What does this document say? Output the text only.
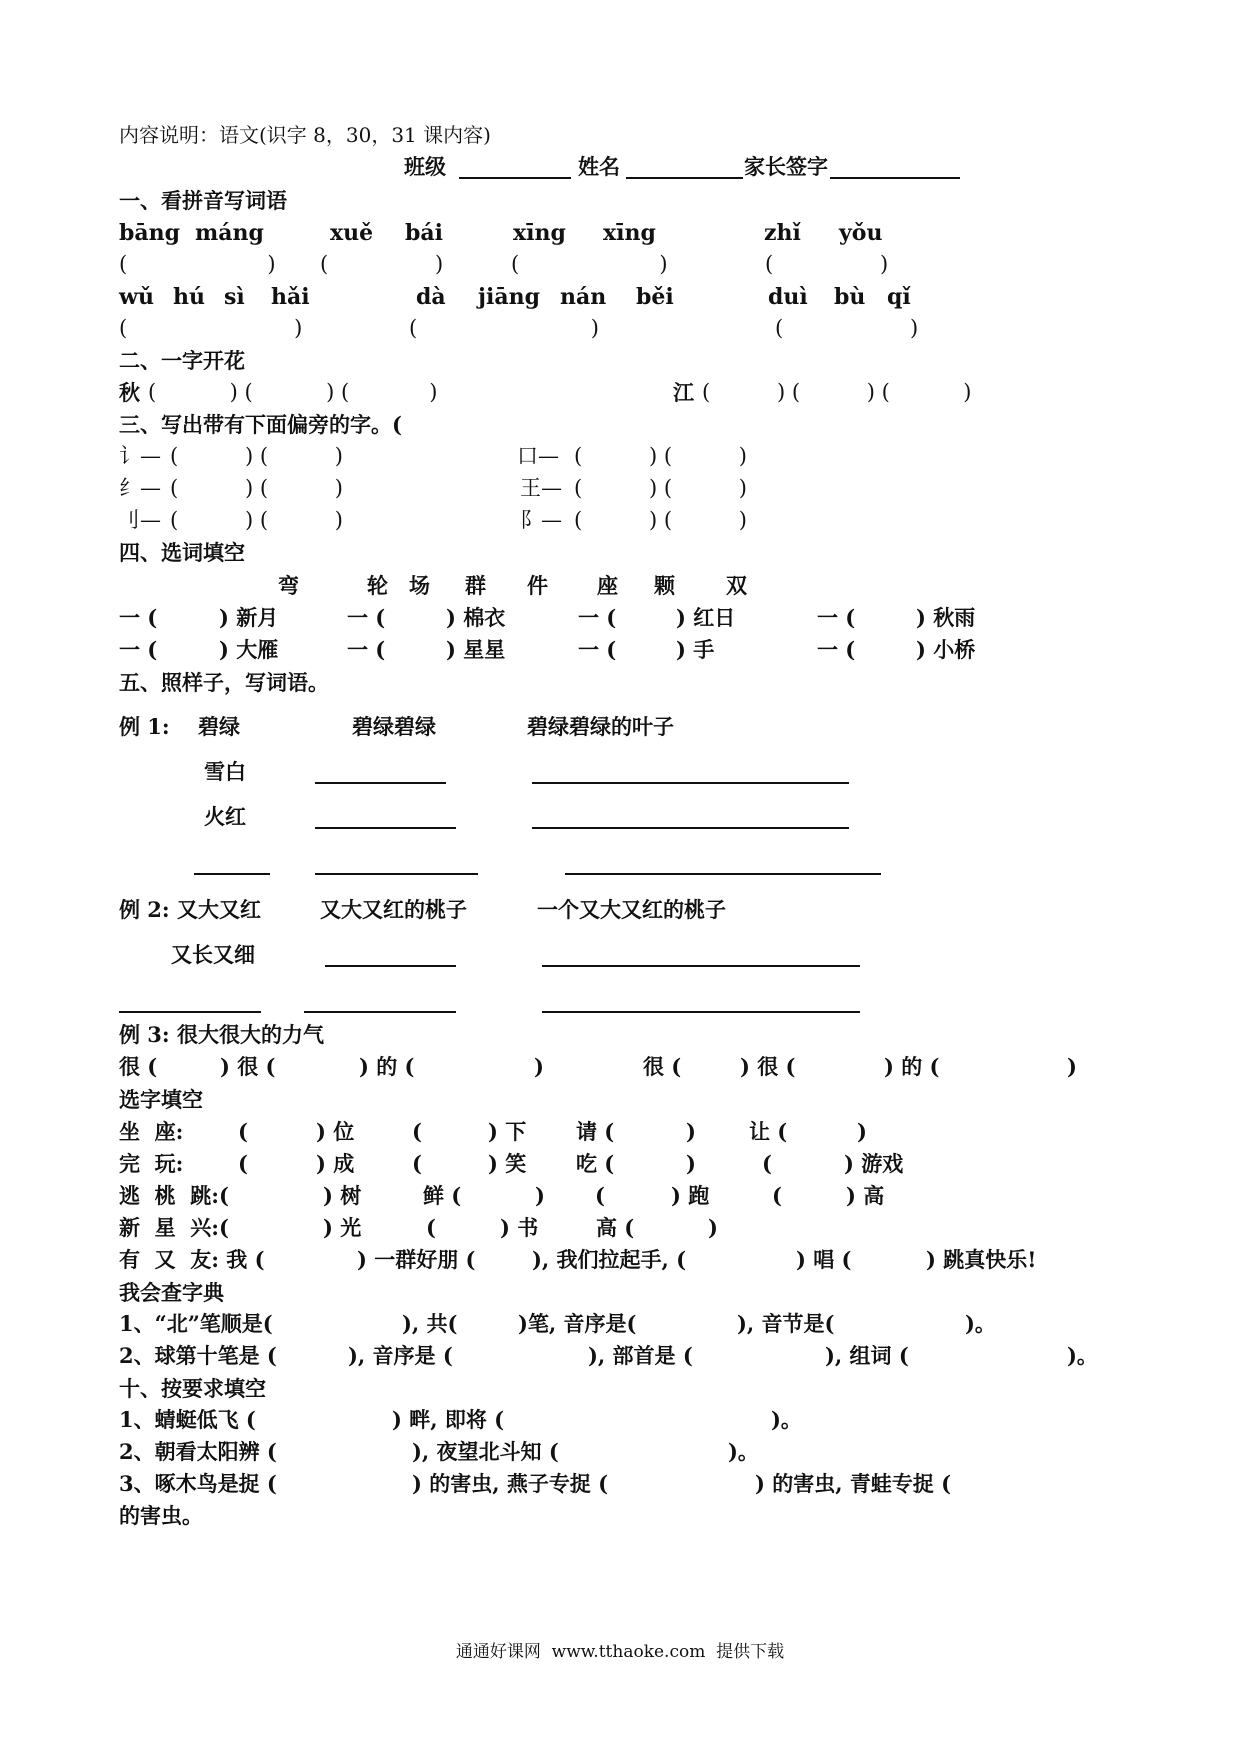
内容说明：语文(识字 8，30，31 课内容)
班级	姓名	家长签字
一、看拼音写词语
bāng máng	xuě bái	xīng xīng	zhǐ yǒu
(                     ) (                )	(                     )	(                )
wǔ hú sì hǎi	dà jiāng nán běi	duì bù qǐ
(                         )	(                          )	(                   )
二、一字开花
秋 (           ) (           ) (            )	江 (          ) (          ) (           )
三、写出带有下面偏旁的字。(
讠— (          ) (          )	口— (          ) (          )
纟— (          ) (          )	王— (          ) (          )
刂— (          ) (          )	阝— (          ) (          )
四、选词填空
弯	轮 场 群 件 座 颗 双
一 (	) 新月	一 (	) 棉衣	一 (	) 红日	一 (	) 秋雨
一 (	) 大雁	一 (	) 星星	一 (	) 手	一 (	) 小桥
五、照样子，写词语。
例 1: 碧绿	碧绿碧绿	碧绿碧绿的叶子
雪白
火红
例 2: 又大又红	又大又红的桃子	一个又大又红的桃子
又长又细
例 3: 很大很大的力气
很 (	) 很 (	) 的 (	)	很 (	) 很 (	) 的 (	)
选字填空
坐  座:	(	) 位	(	) 下 请 (	)	让 (	)
完  玩:	(	) 成	(	) 笑 吃 (	)	(	) 游戏
逃  桃  跳:(	) 树	鲜 (	) (	) 跑	(	) 高
新  星  兴:(	) 光	(	) 书	高 (	)
有  又  友: 我 (	) 一群好朋 (	), 我们拉起手, (	) 唱 (	) 跳真快乐!
我会查字典
1、“北”笔顺是(	), 共(	)笔, 音序是(	), 音节是(	)。
2、球第十笔是 (	), 音序是 (	), 部首是 (	), 组词 (	)。
十、按要求填空
1、蜻蜓低飞 (	) 畔, 即将 (	)。
2、朝看太阳辨 (	), 夜望北斗知 (	)。
3、啄木鸟是捉 (	) 的害虫, 燕子专捉 (	) 的害虫, 青蛙专捉 (
的害虫。
通通好课网  www.tthaoke.com  提供下载
